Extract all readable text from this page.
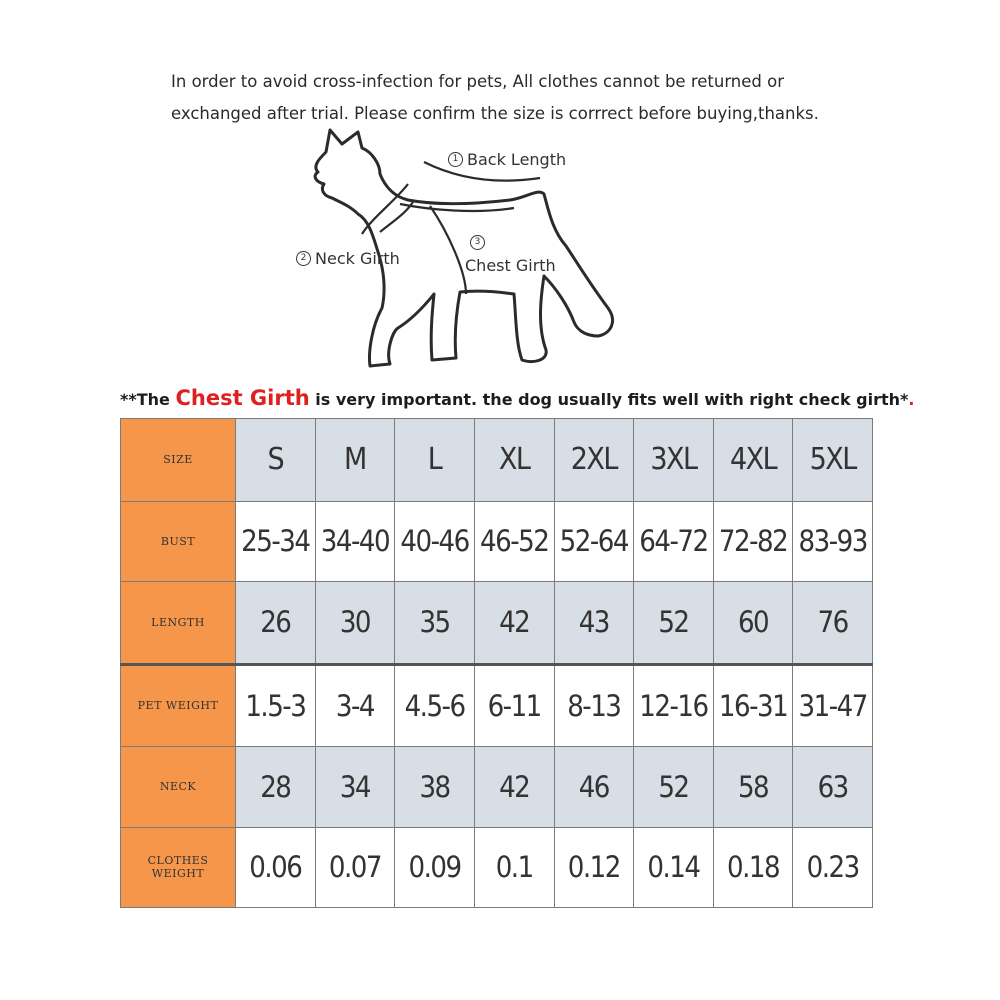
In order to avoid cross-infection for pets, All clothes cannot be returned or
exchanged after trial. Please confirm the size is corrrect before buying,thanks.
1 Back Length
2 Neck Girth
3
Chest Girth
**The Chest Girth is very important. the dog usually fits well with right check girth*.
SIZE	S	M	L	XL	2XL	3XL	4XL	5XL
BUST	25-34	34-40	40-46	46-52	52-64	64-72	72-82	83-93
LENGTH	26	30	35	42	43	52	60	76
PET WEIGHT	1.5-3	3-4	4.5-6	6-11	8-13	12-16	16-31	31-47
NECK	28	34	38	42	46	52	58	63
CLOTHES WEIGHT	0.06	0.07	0.09	0.1	0.12	0.14	0.18	0.23
